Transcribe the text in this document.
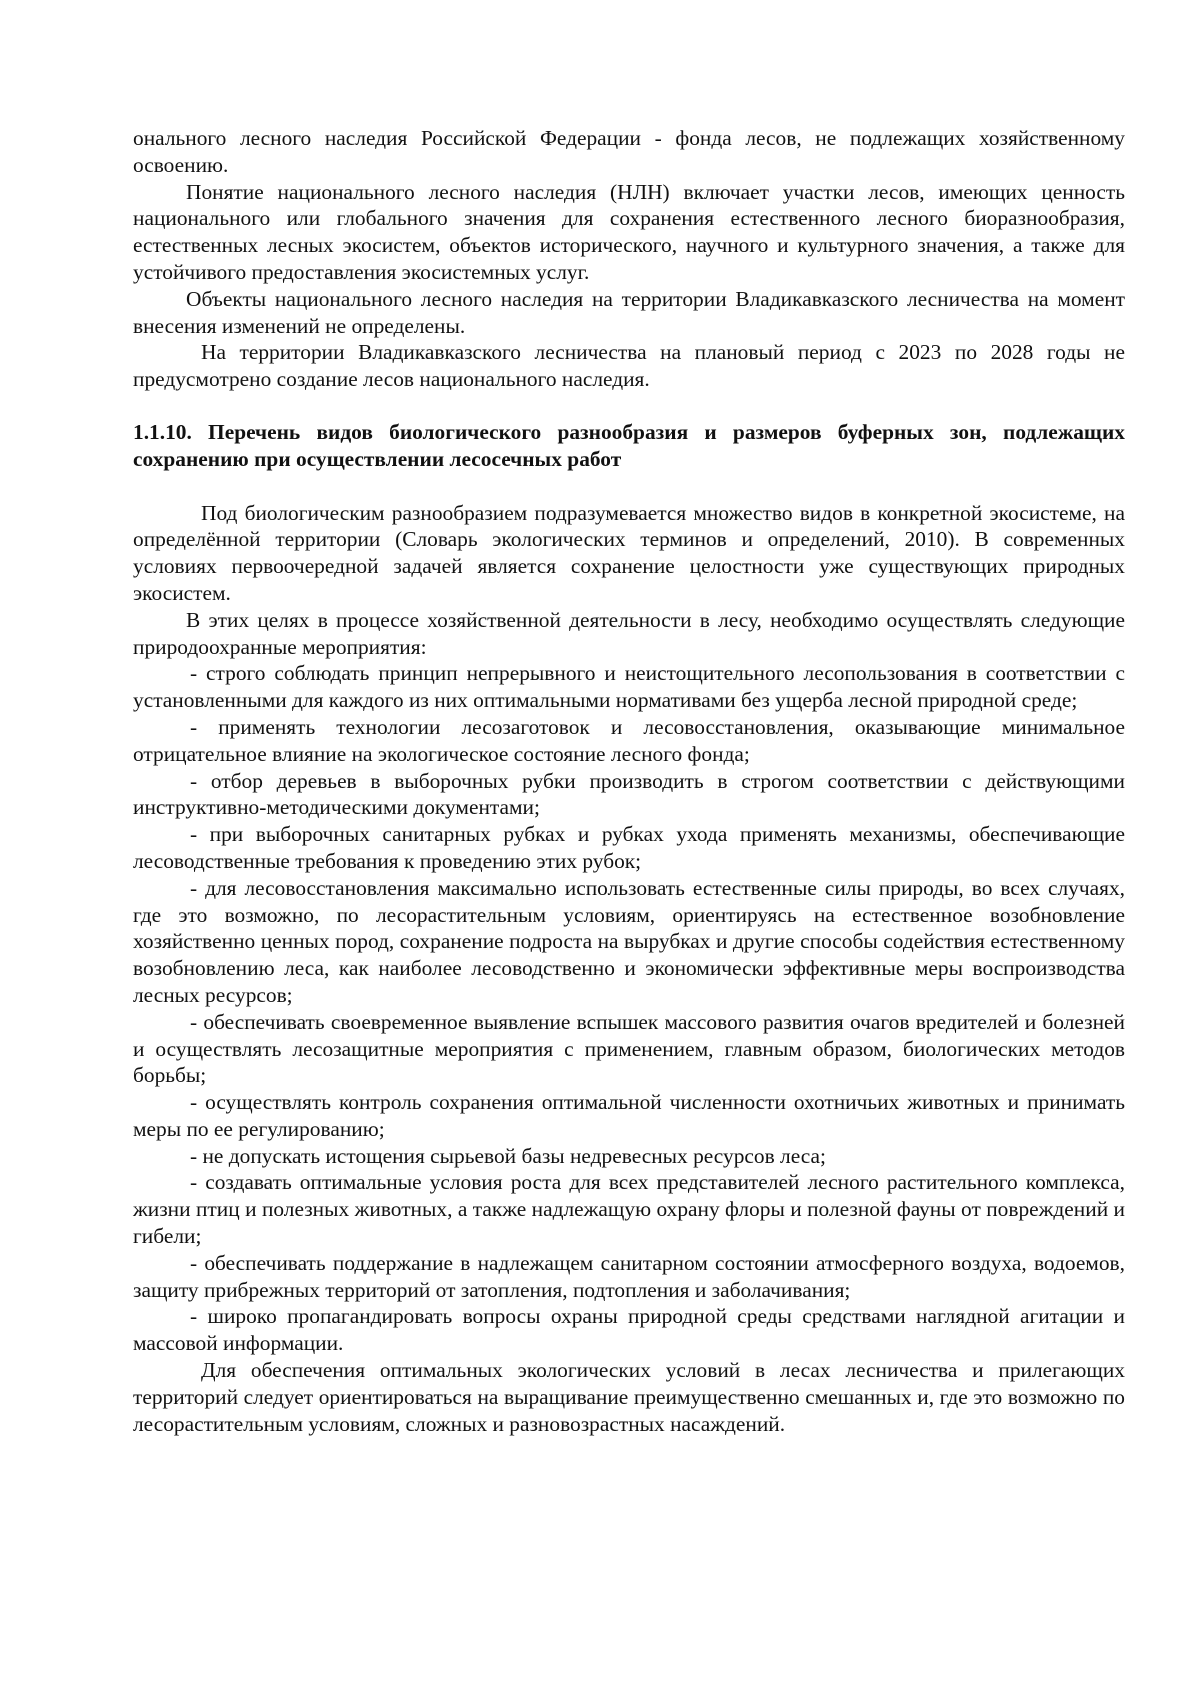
онального лесного наследия Российской Федерации - фонда лесов, не подлежащих хозяйственному освоению.

Понятие национального лесного наследия (НЛН) включает участки лесов, имеющих ценность национального или глобального значения для сохранения естественного лесного биоразнообразия, естественных лесных экосистем, объектов исторического, научного и культурного значения, а также для устойчивого предоставления экосистемных услуг.

Объекты национального лесного наследия на территории Владикавказского лесничества на момент внесения изменений не определены.

На территории Владикавказского лесничества на плановый период с 2023 по 2028 годы не предусмотрено создание лесов национального наследия.

1.1.10. Перечень видов биологического разнообразия и размеров буферных зон, подлежащих сохранению при осуществлении лесосечных работ

Под биологическим разнообразием подразумевается множество видов в конкретной экосистеме, на определённой территории (Словарь экологических терминов и определений, 2010). В современных условиях первоочередной задачей является сохранение целостности уже существующих природных экосистем.

В этих целях в процессе хозяйственной деятельности в лесу, необходимо осуществлять следующие природоохранные мероприятия:

- строго соблюдать принцип непрерывного и неистощительного лесопользования в соответствии с установленными для каждого из них оптимальными нормативами без ущерба лесной природной среде;

- применять технологии лесозаготовок и лесовосстановления, оказывающие минимальное отрицательное влияние на экологическое состояние лесного фонда;

- отбор деревьев в выборочных рубки производить в строгом соответствии с действующими инструктивно-методическими документами;

- при выборочных санитарных рубках и рубках ухода применять механизмы, обеспечивающие лесоводственные требования к проведению этих рубок;

- для лесовосстановления максимально использовать естественные силы природы, во всех случаях, где это возможно, по лесорастительным условиям, ориентируясь на естественное возобновление хозяйственно ценных пород, сохранение подроста на вырубках и другие способы содействия естественному возобновлению леса, как наиболее лесоводственно и экономически эффективные меры воспроизводства лесных ресурсов;

- обеспечивать своевременное выявление вспышек массового развития очагов вредителей и болезней и осуществлять лесозащитные мероприятия с применением, главным образом, биологических методов борьбы;

- осуществлять контроль сохранения оптимальной численности охотничьих животных и принимать меры по ее регулированию;

- не допускать истощения сырьевой базы недревесных ресурсов леса;

- создавать оптимальные условия роста для всех представителей лесного растительного комплекса, жизни птиц и полезных животных, а также надлежащую охрану флоры и полезной фауны от повреждений и гибели;

- обеспечивать поддержание в надлежащем санитарном состоянии атмосферного воздуха, водоемов, защиту прибрежных территорий от затопления, подтопления и заболачивания;

- широко пропагандировать вопросы охраны природной среды средствами наглядной агитации и массовой информации.

Для обеспечения оптимальных экологических условий в лесах лесничества и прилегающих территорий следует ориентироваться на выращивание преимущественно смешанных и, где это возможно по лесорастительным условиям, сложных и разновозрастных насаждений.
